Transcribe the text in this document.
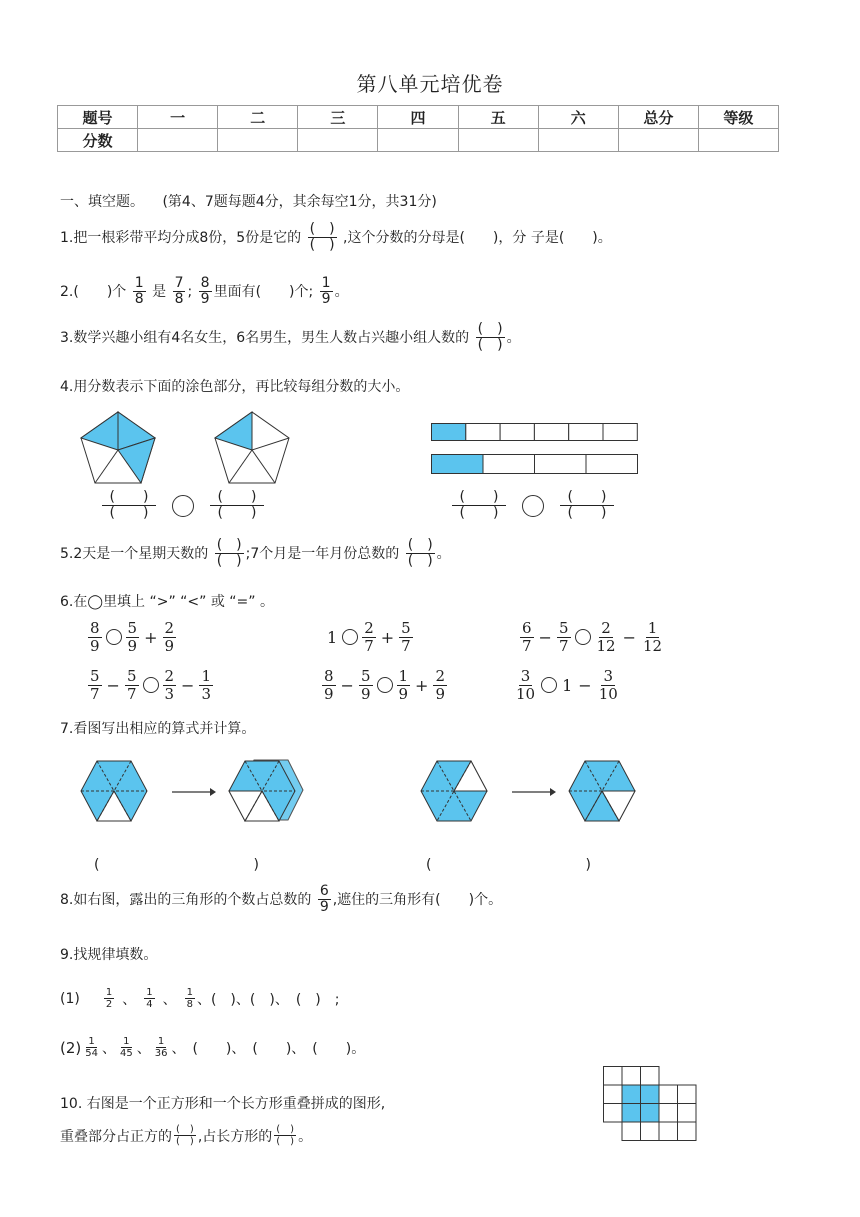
第八单元培优卷
题号	一	二	三	四	五	六	总分	等级
分数								
一、填空题。 (第4、7题每题4分，其余每空1分，共31分)
1.把一根彩带平均分成8份，5份是它的 $\frac{( )}{( )}$ ,这个分数的分母是(　　)，分 子是(　　)。
2.(　　)个 $\frac{1}{8}$ 是 $\frac{7}{8}$ ; $\frac{8}{9}$ 里面有(　　)个; $\frac{1}{9}$ 。
3.数学兴趣小组有4名女生，6名男生，男生人数占兴趣小组人数的 $\frac{( )}{( )}$ 。
4.用分数表示下面的涂色部分，再比较每组分数的大小。
$\frac{( )}{( )}$	$\frac{( )}{( )}$	$\frac{( )}{( )}$	$\frac{( )}{( )}$
5.2天是一个星期天数的 $\frac{( )}{( )}$ ;7个月是一年月份总数的 $\frac{( )}{( )}$ 。
6.在◯里填上 “>” “<” 或 “=” 。
$\frac{8}{9} \frac{5}{9} + \frac{2}{9}$	$1 \frac{2}{7} + \frac{5}{7}$	$\frac{6}{7} - \frac{5}{7} \frac{2}{12} - \frac{1}{12}$
$\frac{5}{7} - \frac{5}{7} \frac{2}{3} - \frac{1}{3}$	$\frac{8}{9} - \frac{5}{9} \frac{1}{9} + \frac{2}{9}$	$\frac{3}{10} 1 - \frac{3}{10}$
7.看图写出相应的算式并计算。
(　　　　　　　　　　　)	(　　　　　　　　　　　)
8.如右图，露出的三角形的个数占总数的 $\frac{6}{9}$ ,遮住的三角形有(　　)个。
9.找规律填数。
$(1) \frac{1}{2}$ 、 $\frac{1}{4}$ 、 $\frac{1}{8}$ 、(　)、(　)、　(　)　;
$(2) \frac{1}{54}$ 、 $\frac{1}{45}$ 、 $\frac{1}{36}$ 、　(　　)、　(　　)、　(　　)。
10. 右图是一个正方形和一个长方形重叠拼成的图形,
重叠部分占正方的 $\frac{( )}{( )}$ ,占长方形的 $\frac{( )}{( )}$ 。
